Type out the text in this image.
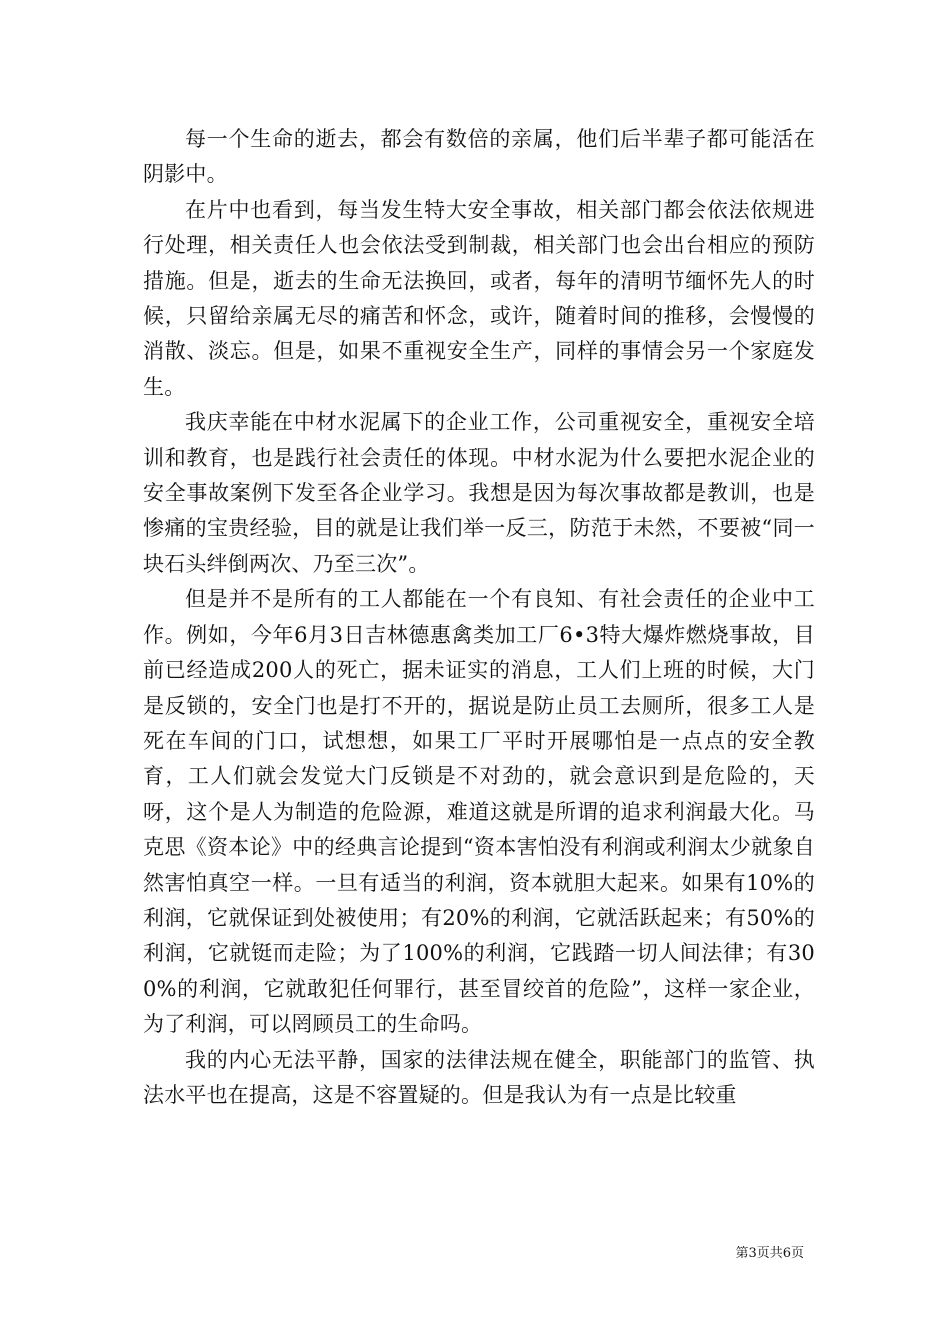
每一个生命的逝去，都会有数倍的亲属，他们后半辈子都可能活在阴影中。

在片中也看到，每当发生特大安全事故，相关部门都会依法依规进行处理，相关责任人也会依法受到制裁，相关部门也会出台相应的预防措施。但是，逝去的生命无法换回，或者，每年的清明节缅怀先人的时候，只留给亲属无尽的痛苦和怀念，或许，随着时间的推移，会慢慢的消散、淡忘。但是，如果不重视安全生产，同样的事情会另一个家庭发生。

我庆幸能在中材水泥属下的企业工作，公司重视安全，重视安全培训和教育，也是践行社会责任的体现。中材水泥为什么要把水泥企业的安全事故案例下发至各企业学习。我想是因为每次事故都是教训，也是惨痛的宝贵经验，目的就是让我们举一反三，防范于未然，不要被“同一块石头绊倒两次、乃至三次”。

但是并不是所有的工人都能在一个有良知、有社会责任的企业中工作。例如，今年6月3日吉林德惠禽类加工厂6•3特大爆炸燃烧事故，目前已经造成200人的死亡，据未证实的消息，工人们上班的时候，大门是反锁的，安全门也是打不开的，据说是防止员工去厕所，很多工人是死在车间的门口，试想想，如果工厂平时开展哪怕是一点点的安全教育，工人们就会发觉大门反锁是不对劲的，就会意识到是危险的，天呀，这个是人为制造的危险源，难道这就是所谓的追求利润最大化。马克思《资本论》中的经典言论提到“资本害怕没有利润或利润太少就象自然害怕真空一样。一旦有适当的利润，资本就胆大起来。如果有10%的利润，它就保证到处被使用；有20%的利润，它就活跃起来；有50%的利润，它就铤而走险；为了100%的利润，它践踏一切人间法律；有300%的利润，它就敢犯任何罪行，甚至冒绞首的危险”，这样一家企业，为了利润，可以罔顾员工的生命吗。

我的内心无法平静，国家的法律法规在健全，职能部门的监管、执法水平也在提高，这是不容置疑的。但是我认为有一点是比较重

第3页共6页
